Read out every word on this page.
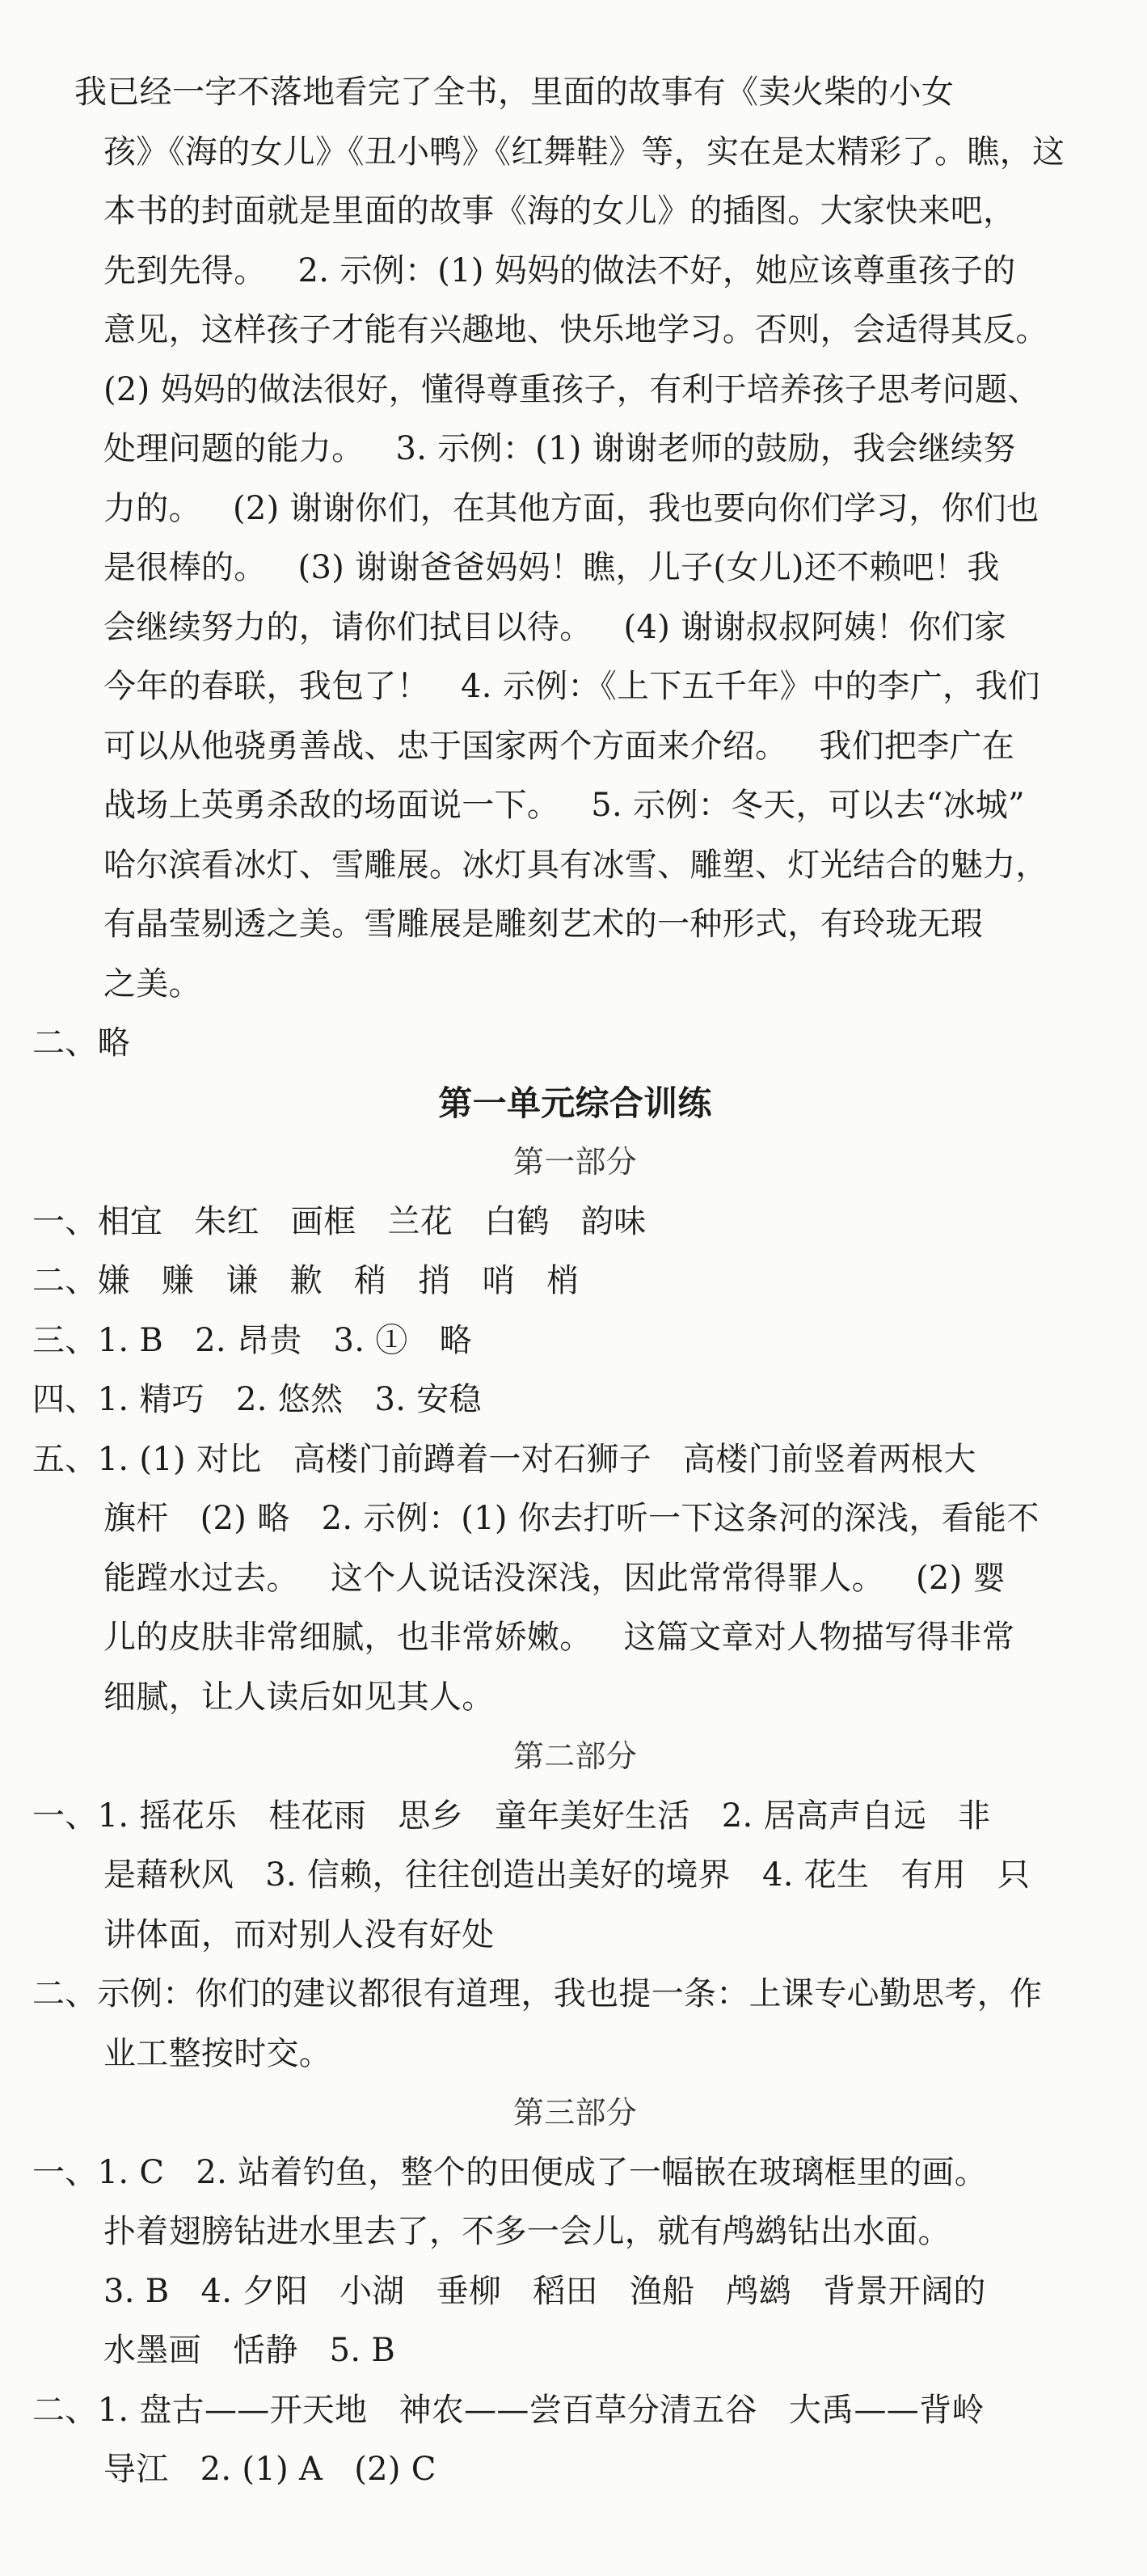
我已经一字不落地看完了全书，里面的故事有《卖火柴的小女
孩》《海的女儿》《丑小鸭》《红舞鞋》等，实在是太精彩了。瞧，这
本书的封面就是里面的故事《海的女儿》的插图。大家快来吧，
先到先得。   2. 示例：(1) 妈妈的做法不好，她应该尊重孩子的
意见，这样孩子才能有兴趣地、快乐地学习。否则，会适得其反。
(2) 妈妈的做法很好，懂得尊重孩子，有利于培养孩子思考问题、
处理问题的能力。   3. 示例：(1) 谢谢老师的鼓励，我会继续努
力的。   (2) 谢谢你们，在其他方面，我也要向你们学习，你们也
是很棒的。   (3) 谢谢爸爸妈妈！瞧，儿子(女儿)还不赖吧！我
会继续努力的，请你们拭目以待。   (4) 谢谢叔叔阿姨！你们家
今年的春联，我包了！   4. 示例：《上下五千年》中的李广，我们
可以从他骁勇善战、忠于国家两个方面来介绍。   我们把李广在
战场上英勇杀敌的场面说一下。   5. 示例：冬天，可以去“冰城”
哈尔滨看冰灯、雪雕展。冰灯具有冰雪、雕塑、灯光结合的魅力，
有晶莹剔透之美。雪雕展是雕刻艺术的一种形式，有玲珑无瑕
之美。
二、略
第一单元综合训练
第一部分
一、相宜   朱红   画框   兰花   白鹤   韵味
二、嫌   赚   谦   歉   稍   捎   哨   梢
三、1. B   2. 昂贵   3. ①   略
四、1. 精巧   2. 悠然   3. 安稳
五、1. (1) 对比   高楼门前蹲着一对石狮子   高楼门前竖着两根大
旗杆   (2) 略   2. 示例：(1) 你去打听一下这条河的深浅，看能不
能蹚水过去。   这个人说话没深浅，因此常常得罪人。   (2) 婴
儿的皮肤非常细腻，也非常娇嫩。   这篇文章对人物描写得非常
细腻，让人读后如见其人。
第二部分
一、1. 摇花乐   桂花雨   思乡   童年美好生活   2. 居高声自远   非
是藉秋风   3. 信赖，往往创造出美好的境界   4. 花生   有用   只
讲体面，而对别人没有好处
二、示例：你们的建议都很有道理，我也提一条：上课专心勤思考，作
业工整按时交。
第三部分
一、1. C   2. 站着钓鱼，整个的田便成了一幅嵌在玻璃框里的画。
扑着翅膀钻进水里去了，不多一会儿，就有鸬鹚钻出水面。
3. B   4. 夕阳   小湖   垂柳   稻田   渔船   鸬鹚   背景开阔的
水墨画   恬静   5. B
二、1. 盘古——开天地   神农——尝百草分清五谷   大禹——背岭
导江   2. (1) A   (2) C
